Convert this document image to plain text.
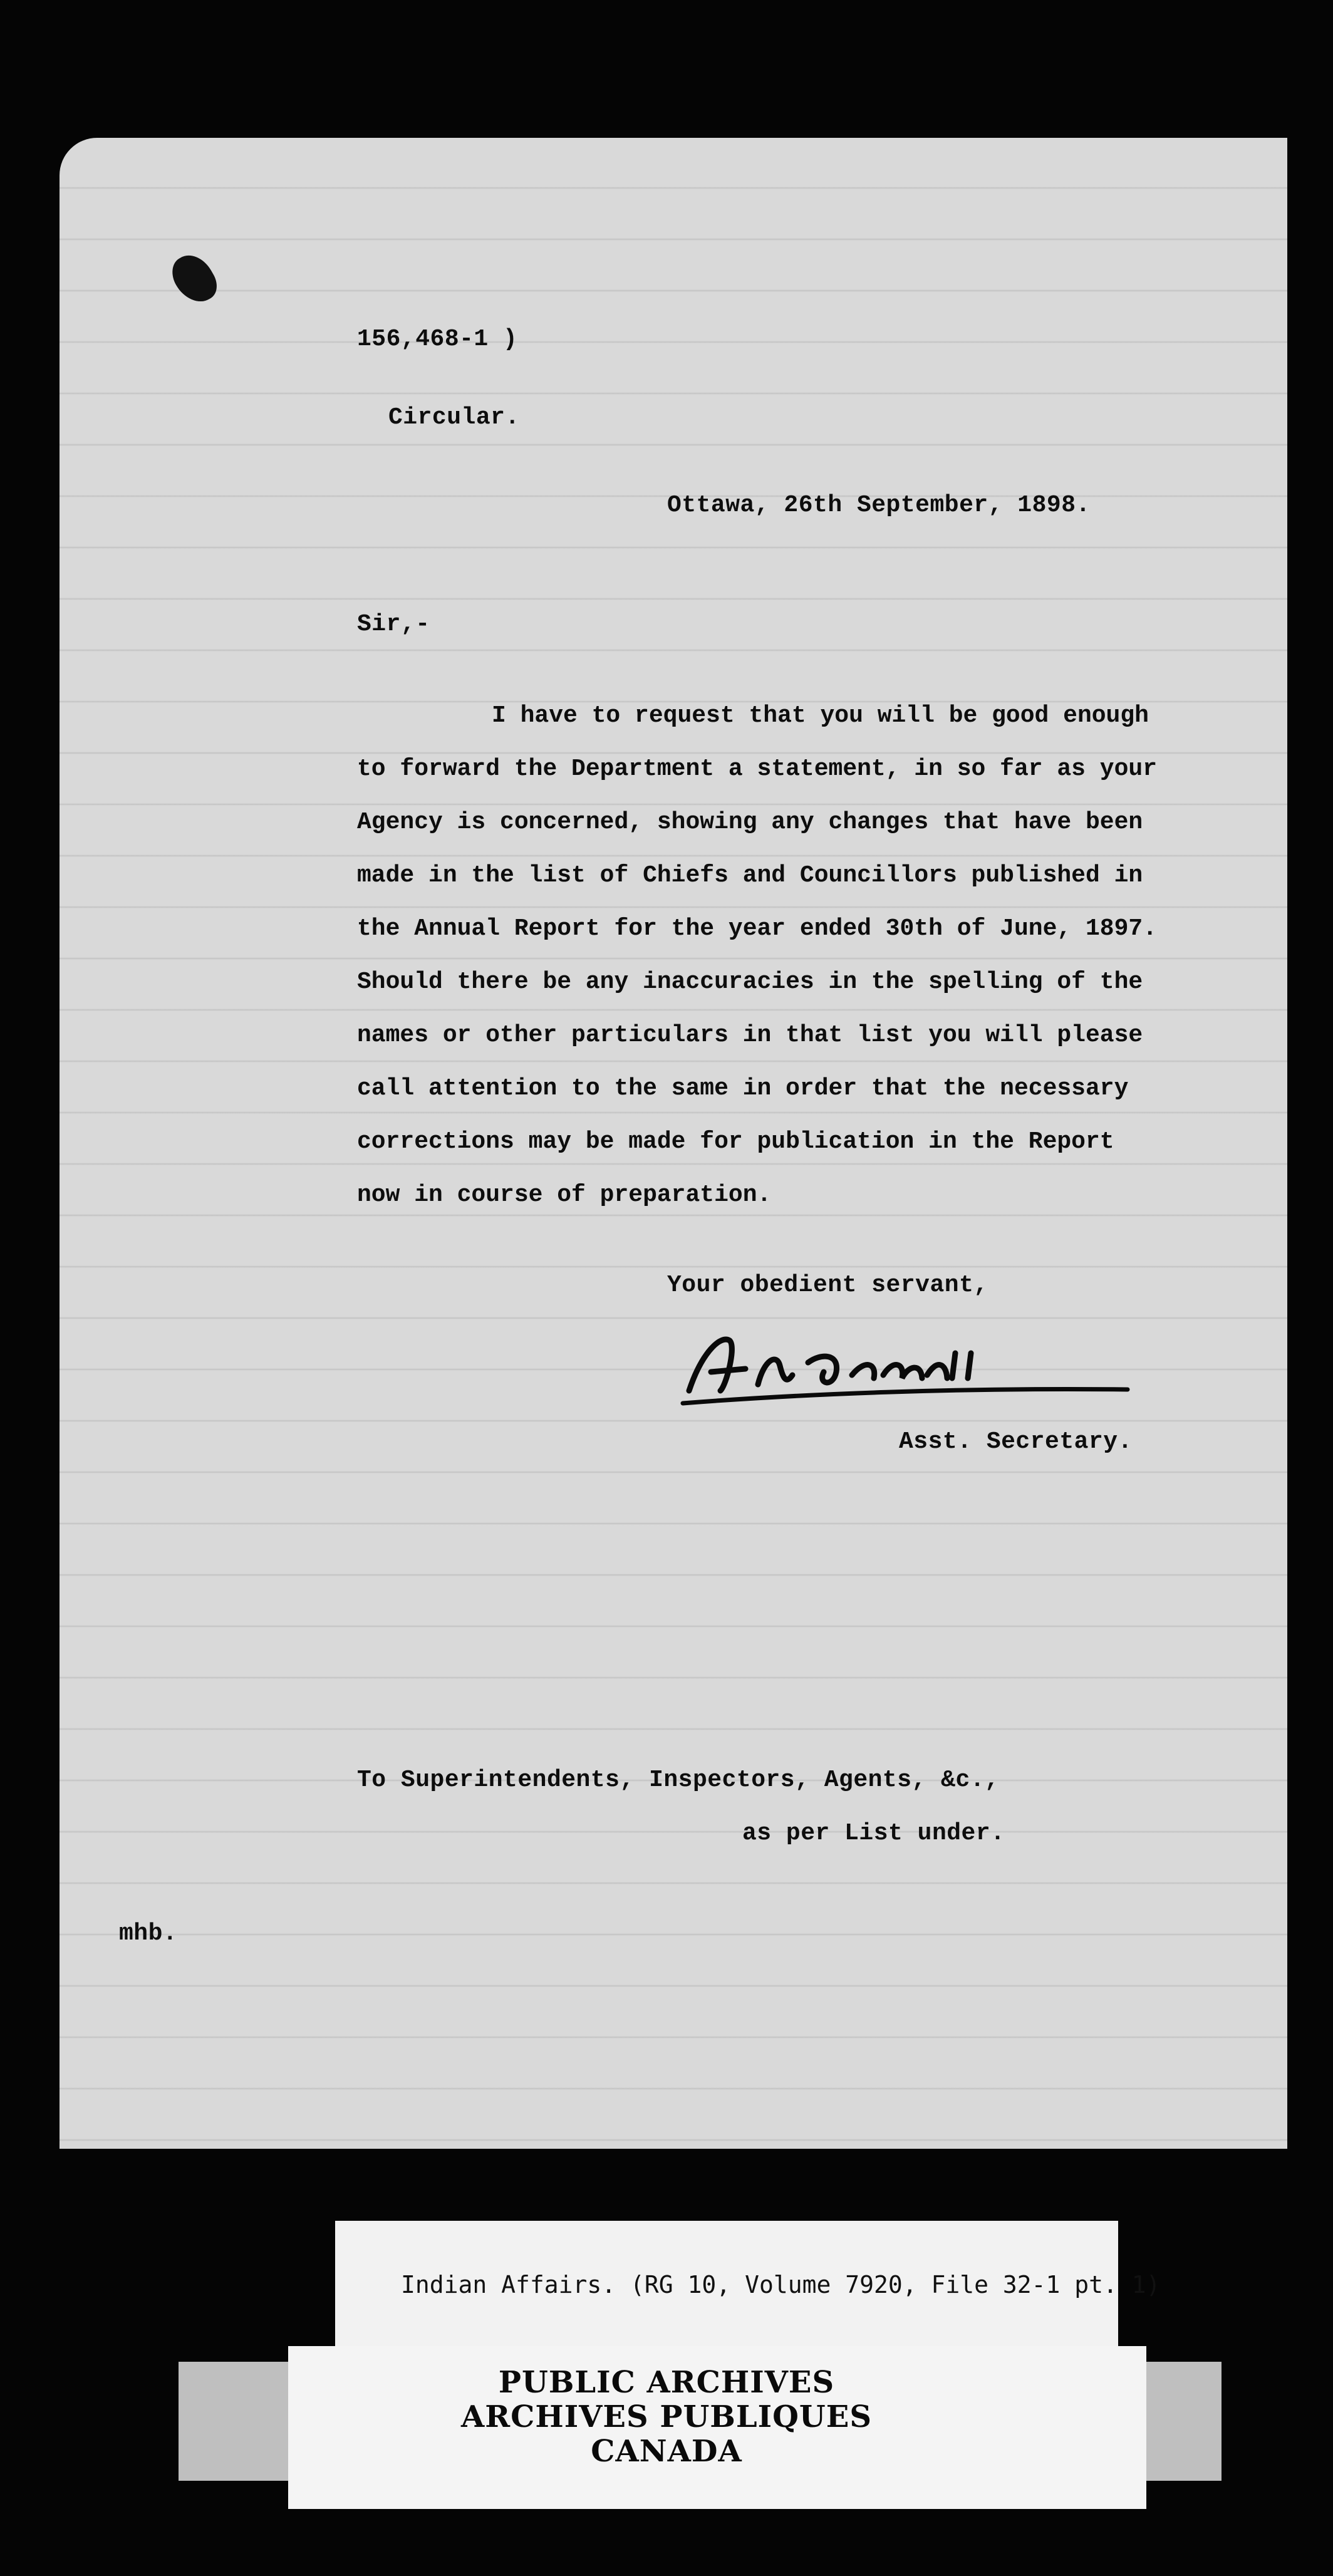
156,468-1 )
Circular.
Ottawa, 26th September, 1898.
Sir,-
I have to request that you will be good enough
to forward the Department a statement, in so far as your
Agency is concerned, showing any changes that have been
made in the list of Chiefs and Councillors published in
the Annual Report for the year ended 30th of June, 1897.
Should there be any inaccuracies in the spelling of the
names or other particulars in that list you will please
call attention to the same in order that the necessary
corrections may be made for publication in the Report
now in course of preparation.
Your obedient servant,
Asst. Secretary.
To Superintendents, Inspectors, Agents, &c.,
as per List under.
mhb.
Indian Affairs. (RG 10, Volume 7920, File 32-1 pt. 1)
PUBLIC ARCHIVES
ARCHIVES PUBLIQUES
CANADA
